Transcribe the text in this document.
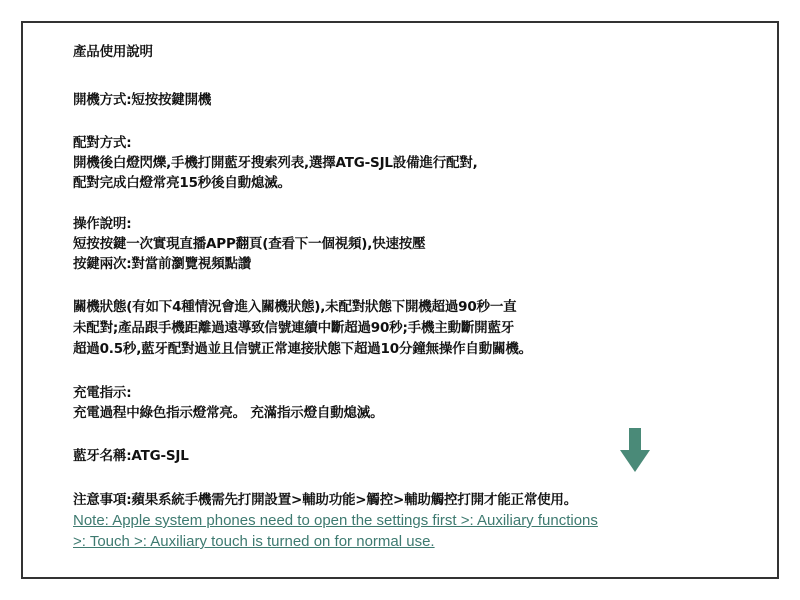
產品使用說明
開機方式:短按按鍵開機
配對方式:
開機後白燈閃爍,手機打開藍牙搜索列表,選擇ATG-SJL設備進行配對,
配對完成白燈常亮15秒後自動熄滅。
操作說明:
短按按鍵一次實現直播APP翻頁(查看下一個視頻),快速按壓
按鍵兩次:對當前瀏覽視頻點讚
關機狀態(有如下4種情況會進入關機狀態),未配對狀態下開機超過90秒一直
未配對;產品跟手機距離過遠導致信號連續中斷超過90秒;手機主動斷開藍牙
超過0.5秒,藍牙配對過並且信號正常連接狀態下超過10分鐘無操作自動關機。
充電指示:
充電過程中綠色指示燈常亮。 充滿指示燈自動熄滅。
藍牙名稱:ATG-SJL
注意事項:蘋果系統手機需先打開設置>輔助功能>觸控>輔助觸控打開才能正常使用。
Note: Apple system phones need to open the settings first >: Auxiliary functions
>: Touch >: Auxiliary touch is turned on for normal use.
